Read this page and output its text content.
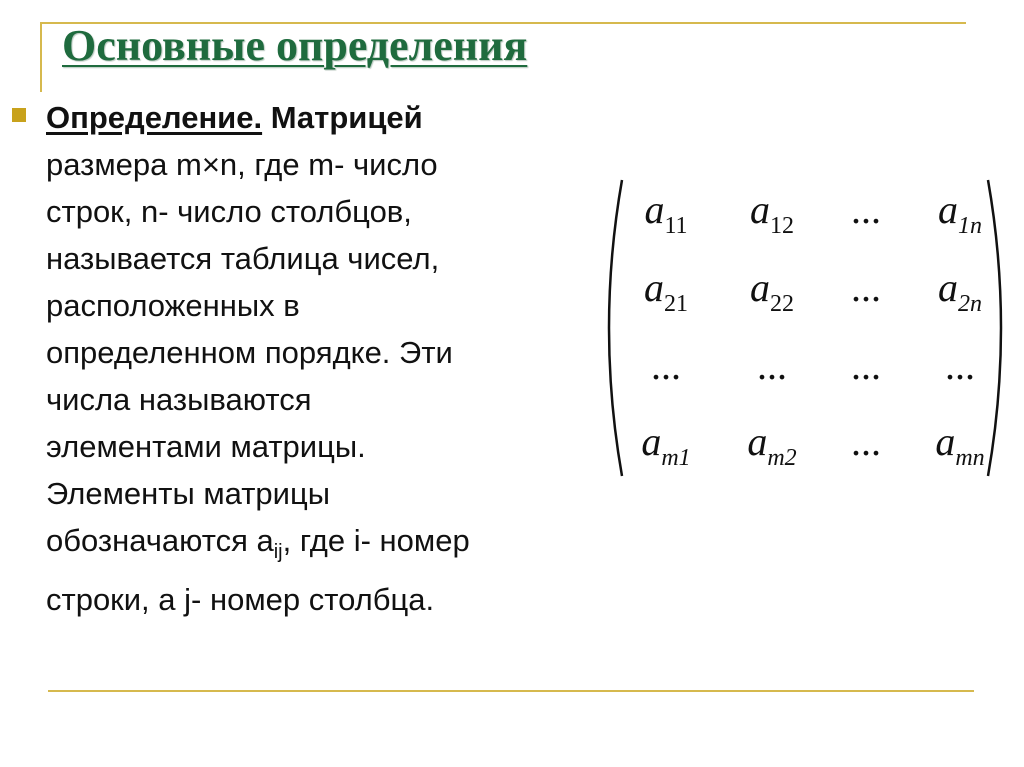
Основные определения
Определение. Матрицей
размера m×n, где m- число
строк, n- число столбцов,
называется таблица чисел,
расположенных в
определенном порядке. Эти
числа называются
элементами матрицы.
Элементы матрицы
обозначаются $a_{ij}$, где i- номер
строки, а j- номер столбца.
$a_{11}$ $a_{12}$ ... $a_{1n}$
$a_{21}$ $a_{22}$ ... $a_{2n}$
... ... ... ...
$a_{m1}$ $a_{m2}$ ... $a_{mn}$
